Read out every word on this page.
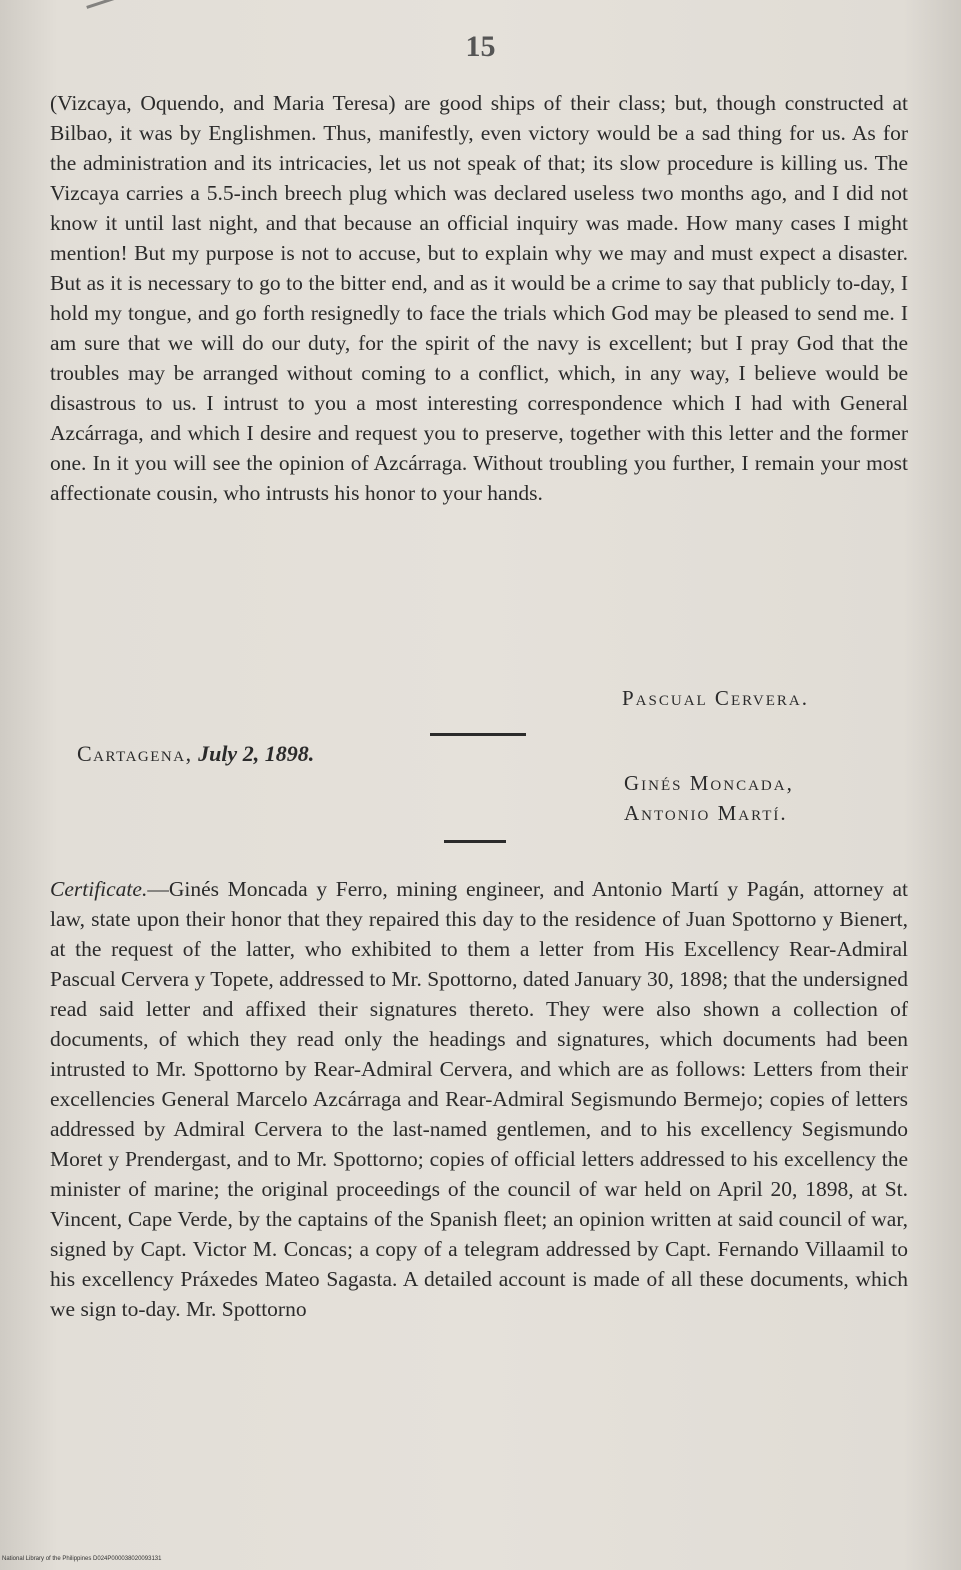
15

(Vizcaya, Oquendo, and Maria Teresa) are good ships of their class; but, though constructed at Bilbao, it was by Englishmen. Thus, manifestly, even victory would be a sad thing for us. As for the administration and its intricacies, let us not speak of that; its slow procedure is killing us. The Vizcaya carries a 5.5-inch breech plug which was declared useless two months ago, and I did not know it until last night, and that because an official inquiry was made. How many cases I might mention! But my purpose is not to accuse, but to explain why we may and must expect a disaster. But as it is necessary to go to the bitter end, and as it would be a crime to say that publicly to-day, I hold my tongue, and go forth resignedly to face the trials which God may be pleased to send me. I am sure that we will do our duty, for the spirit of the navy is excellent; but I pray God that the troubles may be arranged without coming to a conflict, which, in any way, I believe would be disastrous to us. I intrust to you a most interesting correspondence which I had with General Azcárraga, and which I desire and request you to preserve, together with this letter and the former one. In it you will see the opinion of Azcárraga. Without troubling you further, I remain your most affectionate cousin, who intrusts his honor to your hands.

Pascual Cervera.
Cartagena, July 2, 1898.
Ginés Moncada,
Antonio Martí.

Certificate.—Ginés Moncada y Ferro, mining engineer, and Antonio Martí y Pagán, attorney at law, state upon their honor that they repaired this day to the residence of Juan Spottorno y Bienert, at the request of the latter, who exhibited to them a letter from His Excellency Rear-Admiral Pascual Cervera y Topete, addressed to Mr. Spottorno, dated January 30, 1898; that the undersigned read said letter and affixed their signatures thereto. They were also shown a collection of documents, of which they read only the headings and signatures, which documents had been intrusted to Mr. Spottorno by Rear-Admiral Cervera, and which are as follows: Letters from their excellencies General Marcelo Azcárraga and Rear-Admiral Segismundo Bermejo; copies of letters addressed by Admiral Cervera to the last-named gentlemen, and to his excellency Segismundo Moret y Prendergast, and to Mr. Spottorno; copies of official letters addressed to his excellency the minister of marine; the original proceedings of the council of war held on April 20, 1898, at St. Vincent, Cape Verde, by the captains of the Spanish fleet; an opinion written at said council of war, signed by Capt. Victor M. Concas; a copy of a telegram addressed by Capt. Fernando Villaamil to his excellency Práxedes Mateo Sagasta. A detailed account is made of all these documents, which we sign to-day. Mr. Spottorno

National Library of the Philippines D024P000038020093131
